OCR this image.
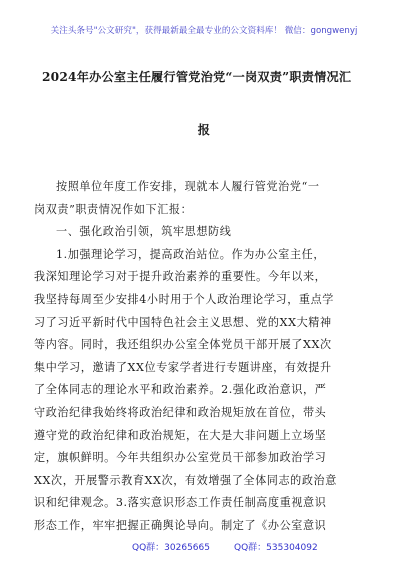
关注头条号"公文研究"，获得最新最全最专业的公文资料库！ 微信：gongwenyj
2024年办公室主任履行管党治党“一岗双责”职责情况汇
报
按照单位年度工作安排，现就本人履行管党治党“一
岗双责”职责情况作如下汇报：
一、强化政治引领，筑牢思想防线
1.加强理论学习，提高政治站位。作为办公室主任，
我深知理论学习对于提升政治素养的重要性。今年以来，
我坚持每周至少安排4小时用于个人政治理论学习，重点学
习了习近平新时代中国特色社会主义思想、党的XX大精神
等内容。同时，我还组织办公室全体党员干部开展了XX次
集中学习，邀请了XX位专家学者进行专题讲座，有效提升
了全体同志的理论水平和政治素养。2.强化政治意识，严
守政治纪律我始终将政治纪律和政治规矩放在首位，带头
遵守党的政治纪律和政治规矩，在大是大非问题上立场坚
定，旗帜鲜明。今年共组织办公室党员干部参加政治学习
XX次，开展警示教育XX次，有效增强了全体同志的政治意
识和纪律观念。3.落实意识形态工作责任制高度重视意识
形态工作，牢牢把握正确舆论导向。制定了《办公室意识
QQ群：30265665	QQ群：535304092
